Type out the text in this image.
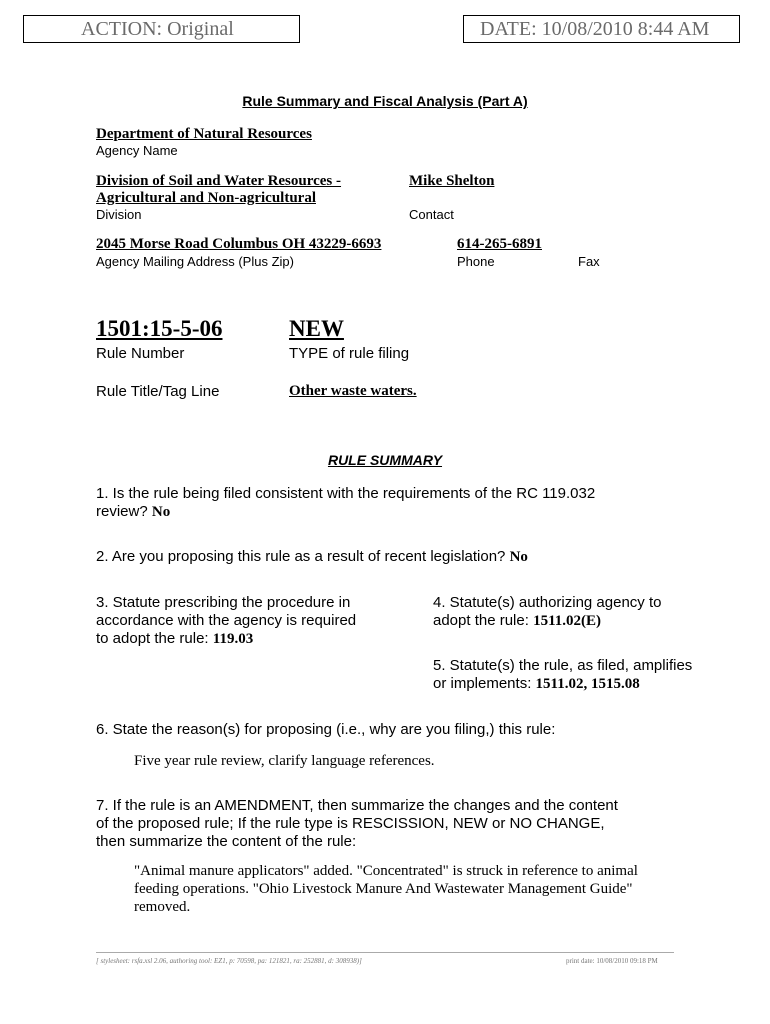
ACTION: Original	DATE: 10/08/2010 8:44 AM
Rule Summary and Fiscal Analysis (Part A)
Department of Natural Resources
Agency Name
Division of Soil and Water Resources -
Agricultural and Non-agricultural
Division
Mike Shelton
Contact
2045 Morse Road Columbus OH 43229-6693
Agency Mailing Address (Plus Zip)
614-265-6891
Phone	Fax
1501:15-5-06
Rule Number
NEW
TYPE of rule filing
Rule Title/Tag Line	Other waste waters.
RULE SUMMARY
1. Is the rule being filed consistent with the requirements of the RC 119.032
review? No
2. Are you proposing this rule as a result of recent legislation? No
3. Statute prescribing the procedure in
accordance with the agency is required
to adopt the rule: 119.03
4. Statute(s) authorizing agency to
adopt the rule: 1511.02(E)
5. Statute(s) the rule, as filed, amplifies
or implements: 1511.02, 1515.08
6. State the reason(s) for proposing (i.e., why are you filing,) this rule:
Five year rule review, clarify language references.
7. If the rule is an AMENDMENT, then summarize the changes and the content
of the proposed rule; If the rule type is RESCISSION, NEW or NO CHANGE,
then summarize the content of the rule:
"Animal manure applicators" added. "Concentrated" is struck in reference to animal
feeding operations. "Ohio Livestock Manure And Wastewater Management Guide"
removed.
[ stylesheet: rsfa.xsl 2.06, authoring tool: EZ1, p: 70598, pa: 121821, ra: 252881, d: 308938)]	print date: 10/08/2010 09:18 PM
